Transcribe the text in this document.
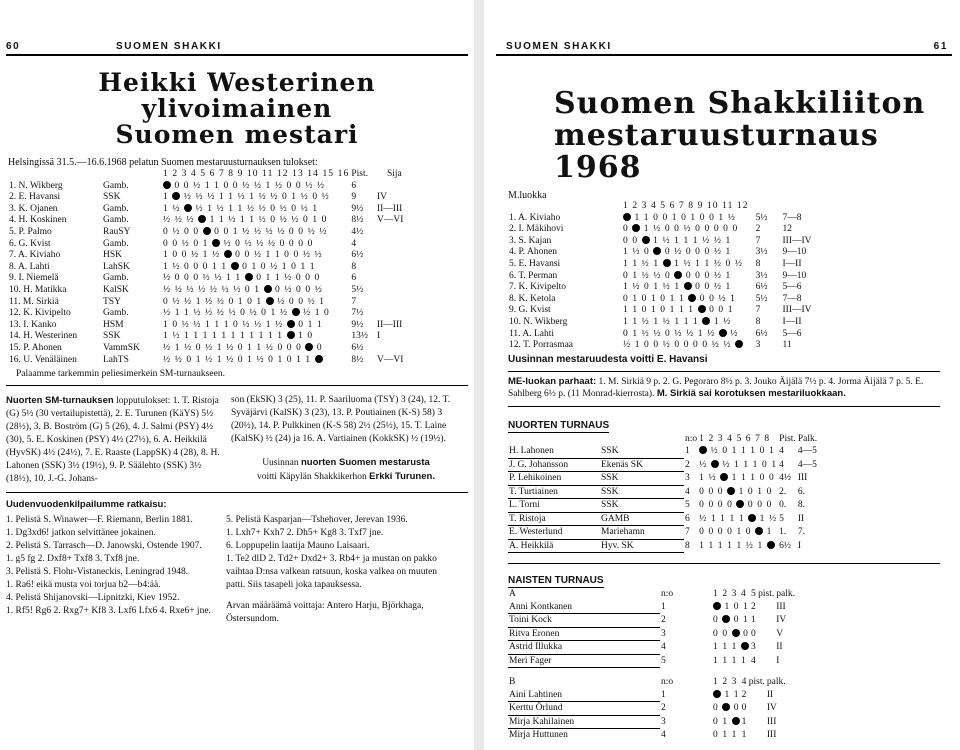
60	SUOMEN SHAKKI
Heikki Westerinen ylivoimainen
Suomen mestari
Helsingissä 31.5.—16.6.1968 pelatun Suomen mestaruusturnauksen tulokset:
		1 2 3 4 5 6 7 8 9 10 11 12 13 14 15 16	Pist.	Sija
1. N. Wikberg	Gamb.	0 0 ½ 1 1 0 0 ½ ½ 1 ½ 0 0 ½ ½	6	
2. E. Havansi	SSK	1  ½ ½ ½ 1 1 ½ 1 ½ ½ 0 1 ½ 0 ½	9	IV
3. K. Ojanen	Gamb.	1 ½  ½ 1 ½ 1 1 ½ ½ 0 ½ 0 ½ 1	9½	II—III
4. H. Koskinen	Gamb.	½ ½ ½  1 1 ½ 1 1 ½ 0 ½ ½ 0 1 0	8½	V—VI
5. P. Palmo	RauSY	0 ½ 0 0  0 0 1 ½ ½ ½ ½ 0 0 ½ ½	4½	
6. G. Kvist	Gamb.	0 0 ½ 0 1  ½ 0 ½ ½ ½ 0 0 0 0	4	
7. A. Kiviaho	HSK	1 0 0 ½ 1 ½  0 0 ½ 1 1 0 0 ½ ½	6½	
8. A. Lahti	LahSK	1 ½ 0 0 0 1 1  0 1 0 ½ 1 0 1 1	8	
9. I. Niemelä	Gamb.	½ 0 0 0 ½ ½ 1 1  0 1 1 ½ 0 0 0	6	
10. H. Matikka	KalSK	½ ½ ½ ½ ½ ½ ½ 0 1  0 ½ 0 0 ½	5½	
11. M. Sirkiä	TSY	0 ½ ½ 1 ½ ½ 0 1 0 1  ½ 0 0 ½ 1	7	
12. K. Kivipelto	Gamb.	½ 1 1 ½ ½ ½ ½ 0 ½ 0 1 ½  ½ 1 0	7½	
13. I. Kanko	HSM	1 0 ½ ½ 1 1 1 0 ½ ½ 1 ½  0 1 1	9½	II—III
14. H. Westerinen	SSK	1 ½ 1 1 1 1 1 1 1 1 1 1 1  1 0	13½	I
15. P. Ahonen	VammSK	½ 1 ½ 0 ½ 1 ½ 0 1 1 ½ 0 0 0  0	6½	
16. U. Venäläinen	LahTS	½ ½ 0 1 ½ 1 ½ 0 1 ½ 0 1 0 1 1	8½	V—VI
Palaamme tarkemmin peliesimerkein SM-turnaukseen.
Nuorten SM-turnauksen lopputulokset: 1. T. Ristoja (G) 5½ (30 vertailupistettä), 2. E. Turunen (KäYS) 5½ (28½), 3. B. Boström (G) 5 (26), 4. J. Salmi (PSY) 4½ (30), 5. E. Koskinen (PSY) 4½ (27½), 6. A. Heikkilä (HyvSK) 4½ (24½), 7. E. Raaste (LappSK) 4 (28), 8. H. Lahonen (SSK) 3½ (19½), 9. P. Säälehto (SSK) 3½ (18½), 10. J.-G. Johans-
son (EkSK) 3 (25), 11. P. Saariluoma (TSY) 3 (24), 12. T. Syväjärvi (KalSK) 3 (23), 13. P. Poutiainen (K-S) 58) 3 (20½), 14. P. Pulkkinen (K-S 58) 2½ (25½), 15. T. Laine (KalSK) ½ (24) ja 16. A. Vartiainen (KokkSK) ½ (19½).
Uusinnan nuorten Suomen mestarusta
voitti Käpylän Shakkikerhon Erkki Turunen.
Uudenvuodenkilpailumme ratkaisu:
1. Pelistä S. Winawer—F. Riemann, Berlin 1881.
1. Dg3xd6! jatkon selvittänee jokainen.
2. Pelistä S. Tarrasch—D. Janowski, Ostende 1907.
1. g5 fg 2. Dxf8+ Txf8 3. Txf8 jne.
3. Pelistä S. Flohr-Vistaneckis, Leningrad 1948.
1. Ra6! eikä musta voi torjua b2—b4:ää.
4. Pelistä Shijanovski—Lipnitzki, Kiev 1952.
1. Rf5! Rg6 2. Rxg7+ Kf8 3. Lxf6 Lfx6 4. Rxe6+ jne.
5. Pelistä Kasparjan—Tshehover, Jerevan 1936.
1. Lxh7+ Kxh7 2. Dh5+ Kg8 3. Txf7 jne.
6. Loppupelin laatija Mauno Laisaari.
1. Te2 dlD 2. Td2+ Dxd2+ 3. Rb4+ ja mustan on pakko vaihtaa D:nsa valkean ratsuun, koska valkea on muuten patti. Siis tasapeli joka tapauksessa.
Arvan määräämä voittaja: Antero Harju, Björkhaga, Östersundom.
SUOMEN SHAKKI	61
Suomen Shakkiliiton
mestaruusturnaus 1968
M.luokka
	1 2 3 4 5 6 7 8 9 10 11 12		
1. A. Kiviaho	1 1 0 0 1 0 1 0 0 1 ½	5½	7—8
2. I. Mäkihovi	0  1 ½ 0 0 ½ 0 0 0 0 0	2	12
3. S. Kajan	0 0  1 ½ 1 1 1 ½ ½ 1	7	III—IV
4. P. Ahonen	1 ½ 0  0 ½ 0 0 0 ½ 1	3½	9—10
5. E. Havansi	1 1 ½ 1  1 ½ 1 1 ½ 0 ½	8	I—II
6. T. Perman	0 1 ½ ½ 0  0 0 0 ½ 1	3½	9—10
7. K. Kivipelto	1 ½ 0 1 ½ 1  0 0 ½ 1	6½	5—6
8. K. Ketola	0 1 0 1 0 1 1  0 0 ½ 1	5½	7—8
9. G. Kvist	1 1 0 1 0 1 1 1  0 0 1	7	III—IV
10. N. Wikberg	1 1 ½ 1 ½ 1 1 1  1 ½	8	I—II
11. A. Lahti	0 1 ½ ½ 0 ½ ½ 1 ½  ½	6½	5—6
12. T. Porrasmaa	½ 1 0 0 ½ 0 0 0 0 ½ ½	3	11
Uusinnan mestaruudesta voitti E. Havansi
ME-luokan parhaat: 1. M. Sirkiä 9 p. 2. G. Pegoraro 8½ p. 3. Jouko Äijälä 7½ p. 4. Jorma Äijälä 7 p. 5. E. Sahlberg 6½ p. (11 Monrad-kierrosta). M. Sirkiä sai korotuksen mestariluokkaan.
NUORTEN TURNAUS
		n:o	1 2 3 4 5 6 7 8	Pist.	Palk.
H. Lahonen	SSK	1	½ 0 1 1 1 0 1	4	4—5
J. G. Johansson	Ekenäs SK	2	½  ½ 1 1 1 0 1	4	4—5
P. Lehikoinen	SSK	3	1 ½  1 1 1 0 0	4½	III
T. Turtiainen	SSK	4	0 0 0  1 0 1 0	2.	6.
L. Torni	SSK	5	0 0 0 0  0 0 0	0.	8.
T. Ristoja	GAMB	6	½ 1 1 1 1  1 ½	5	II
E. Westerlund	Mariehamn	7	0 0 0 0 1 0  1	1.	7.
A. Heikkilä	Hyv. SK	8	1 1 1 1 1 ½ 1	6½	I
NAISTEN TURNAUS
A	n:o	1 2 3 4	5 pist.	palk.
Anni Kontkanen	1	1 0 1	2	III
Toini Kock	2	0  0 1	1	IV
Ritva Eronen	3	0 0  0	0	V
Astrid Illukka	4	1 1 1	3	II
Meri Fager	5	1 1 1 1	4	I
B	n:o	1 2 3	4 pist.	palk.
Aini Lahtinen	1	1 1	2	II
Kerttu Örlund	2	0  0	0	IV
Mirja Kahilainen	3	0 1	1	III
Mirja Huttunen	4	0 1 1	1	III
